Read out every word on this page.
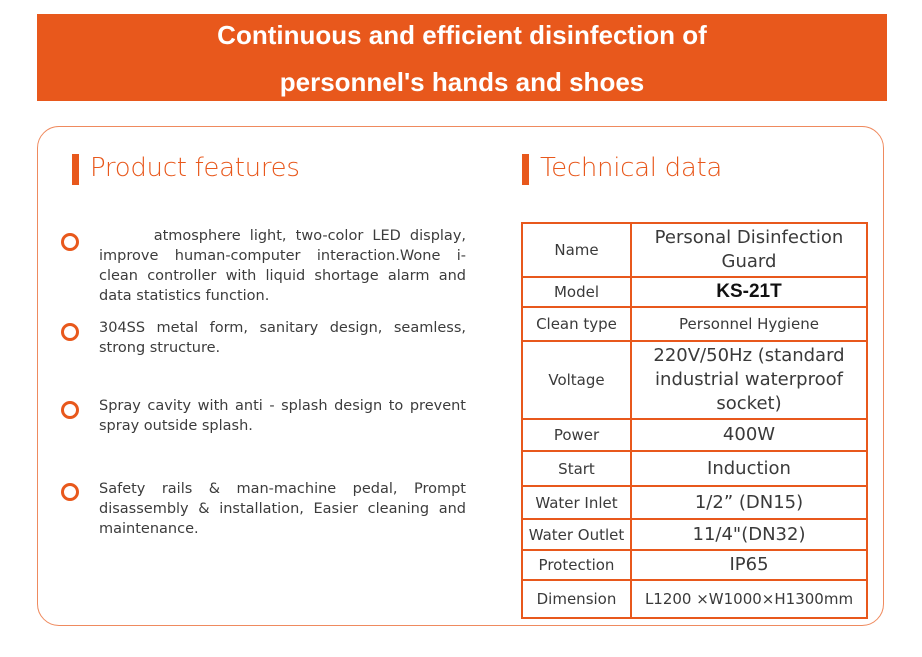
Continuous and efficient disinfection of
personnel's hands and shoes
Product features
atmosphere light, two-color LED display, improve human-computer interaction.Wone i-clean controller with liquid shortage alarm and data statistics function.
304SS metal form, sanitary design, seamless, strong structure.
Spray cavity with anti - splash design to prevent spray outside splash.
Safety rails & man-machine pedal, Prompt disassembly & installation, Easier cleaning and maintenance.
Technical data
Name	Personal Disinfection Guard
Model	KS-21T
Clean type	Personnel Hygiene
Voltage	220V/50Hz (standard industrial waterproof socket)
Power	400W
Start	Induction
Water Inlet	1/2” (DN15)
Water Outlet	11/4"(DN32)
Protection	IP65
Dimension	L1200 ×W1000×H1300mm
